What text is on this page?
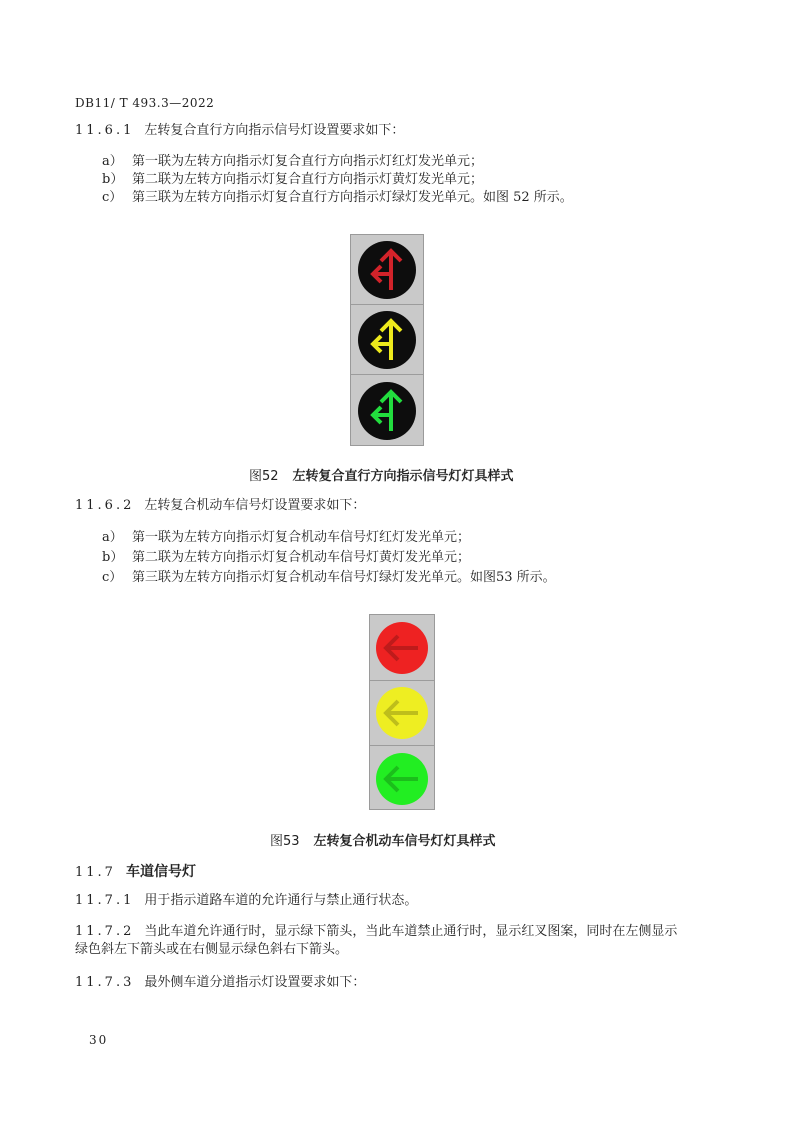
DB11/ T 493.3—2022
11.6.1 左转复合直行方向指示信号灯设置要求如下：
a） 第一联为左转方向指示灯复合直行方向指示灯红灯发光单元；
b） 第二联为左转方向指示灯复合直行方向指示灯黄灯发光单元；
c） 第三联为左转方向指示灯复合直行方向指示灯绿灯发光单元。如图 52 所示。
图52 左转复合直行方向指示信号灯灯具样式
11.6.2 左转复合机动车信号灯设置要求如下：
a） 第一联为左转方向指示灯复合机动车信号灯红灯发光单元；
b） 第二联为左转方向指示灯复合机动车信号灯黄灯发光单元；
c） 第三联为左转方向指示灯复合机动车信号灯绿灯发光单元。如图53 所示。
图53 左转复合机动车信号灯灯具样式
11.7 车道信号灯
11.7.1 用于指示道路车道的允许通行与禁止通行状态。
11.7.2 当此车道允许通行时，显示绿下箭头，当此车道禁止通行时，显示红叉图案，同时在左侧显示
绿色斜左下箭头或在右侧显示绿色斜右下箭头。
11.7.3 最外侧车道分道指示灯设置要求如下：
30
